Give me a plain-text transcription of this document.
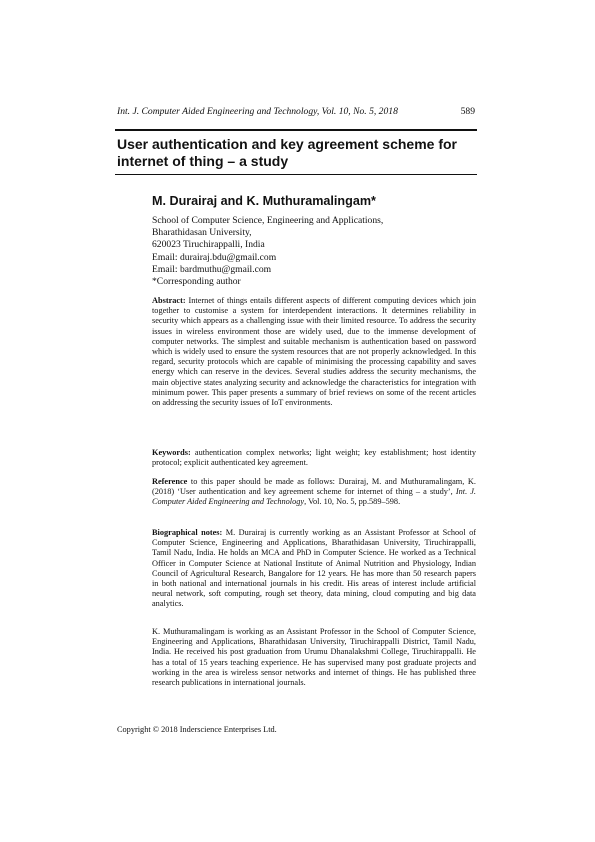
Int. J. Computer Aided Engineering and Technology, Vol. 10, No. 5, 2018	589
User authentication and key agreement scheme for internet of thing – a study
M. Durairaj and K. Muthuramalingam*
School of Computer Science, Engineering and Applications,
Bharathidasan University,
620023 Tiruchirappalli, India
Email: durairaj.bdu@gmail.com
Email: bardmuthu@gmail.com
*Corresponding author

Abstract: Internet of things entails different aspects of different computing devices which join together to customise a system for interdependent interactions. It determines reliability in security which appears as a challenging issue with their limited resource. To address the security issues in wireless environment those are widely used, due to the immense development of computer networks. The simplest and suitable mechanism is authentication based on password which is widely used to ensure the system resources that are not properly acknowledged. In this regard, security protocols which are capable of minimising the processing capability and saves energy which can reserve in the devices. Several studies address the security mechanisms, the main objective states analyzing security and acknowledge the characteristics for integration with minimum power. This paper presents a summary of brief reviews on some of the recent articles on addressing the security issues of IoT environments.

Keywords: authentication complex networks; light weight; key establishment; host identity protocol; explicit authenticated key agreement.

Reference to this paper should be made as follows: Durairaj, M. and Muthuramalingam, K. (2018) ‘User authentication and key agreement scheme for internet of thing – a study’, Int. J. Computer Aided Engineering and Technology, Vol. 10, No. 5, pp.589–598.

Biographical notes: M. Durairaj is currently working as an Assistant Professor at School of Computer Science, Engineering and Applications, Bharathidasan University, Tiruchirappalli, Tamil Nadu, India. He holds an MCA and PhD in Computer Science. He worked as a Technical Officer in Computer Science at National Institute of Animal Nutrition and Physiology, Indian Council of Agricultural Research, Bangalore for 12 years. He has more than 50 research papers in both national and international journals in his credit. His areas of interest include artificial neural network, soft computing, rough set theory, data mining, cloud computing and big data analytics.

K. Muthuramalingam is working as an Assistant Professor in the School of Computer Science, Engineering and Applications, Bharathidasan University, Tiruchirappalli District, Tamil Nadu, India. He received his post graduation from Urumu Dhanalakshmi College, Tiruchirappalli. He has a total of 15 years teaching experience. He has supervised many post graduate projects and working in the area is wireless sensor networks and internet of things. He has published three research publications in international journals.

Copyright © 2018 Inderscience Enterprises Ltd.
